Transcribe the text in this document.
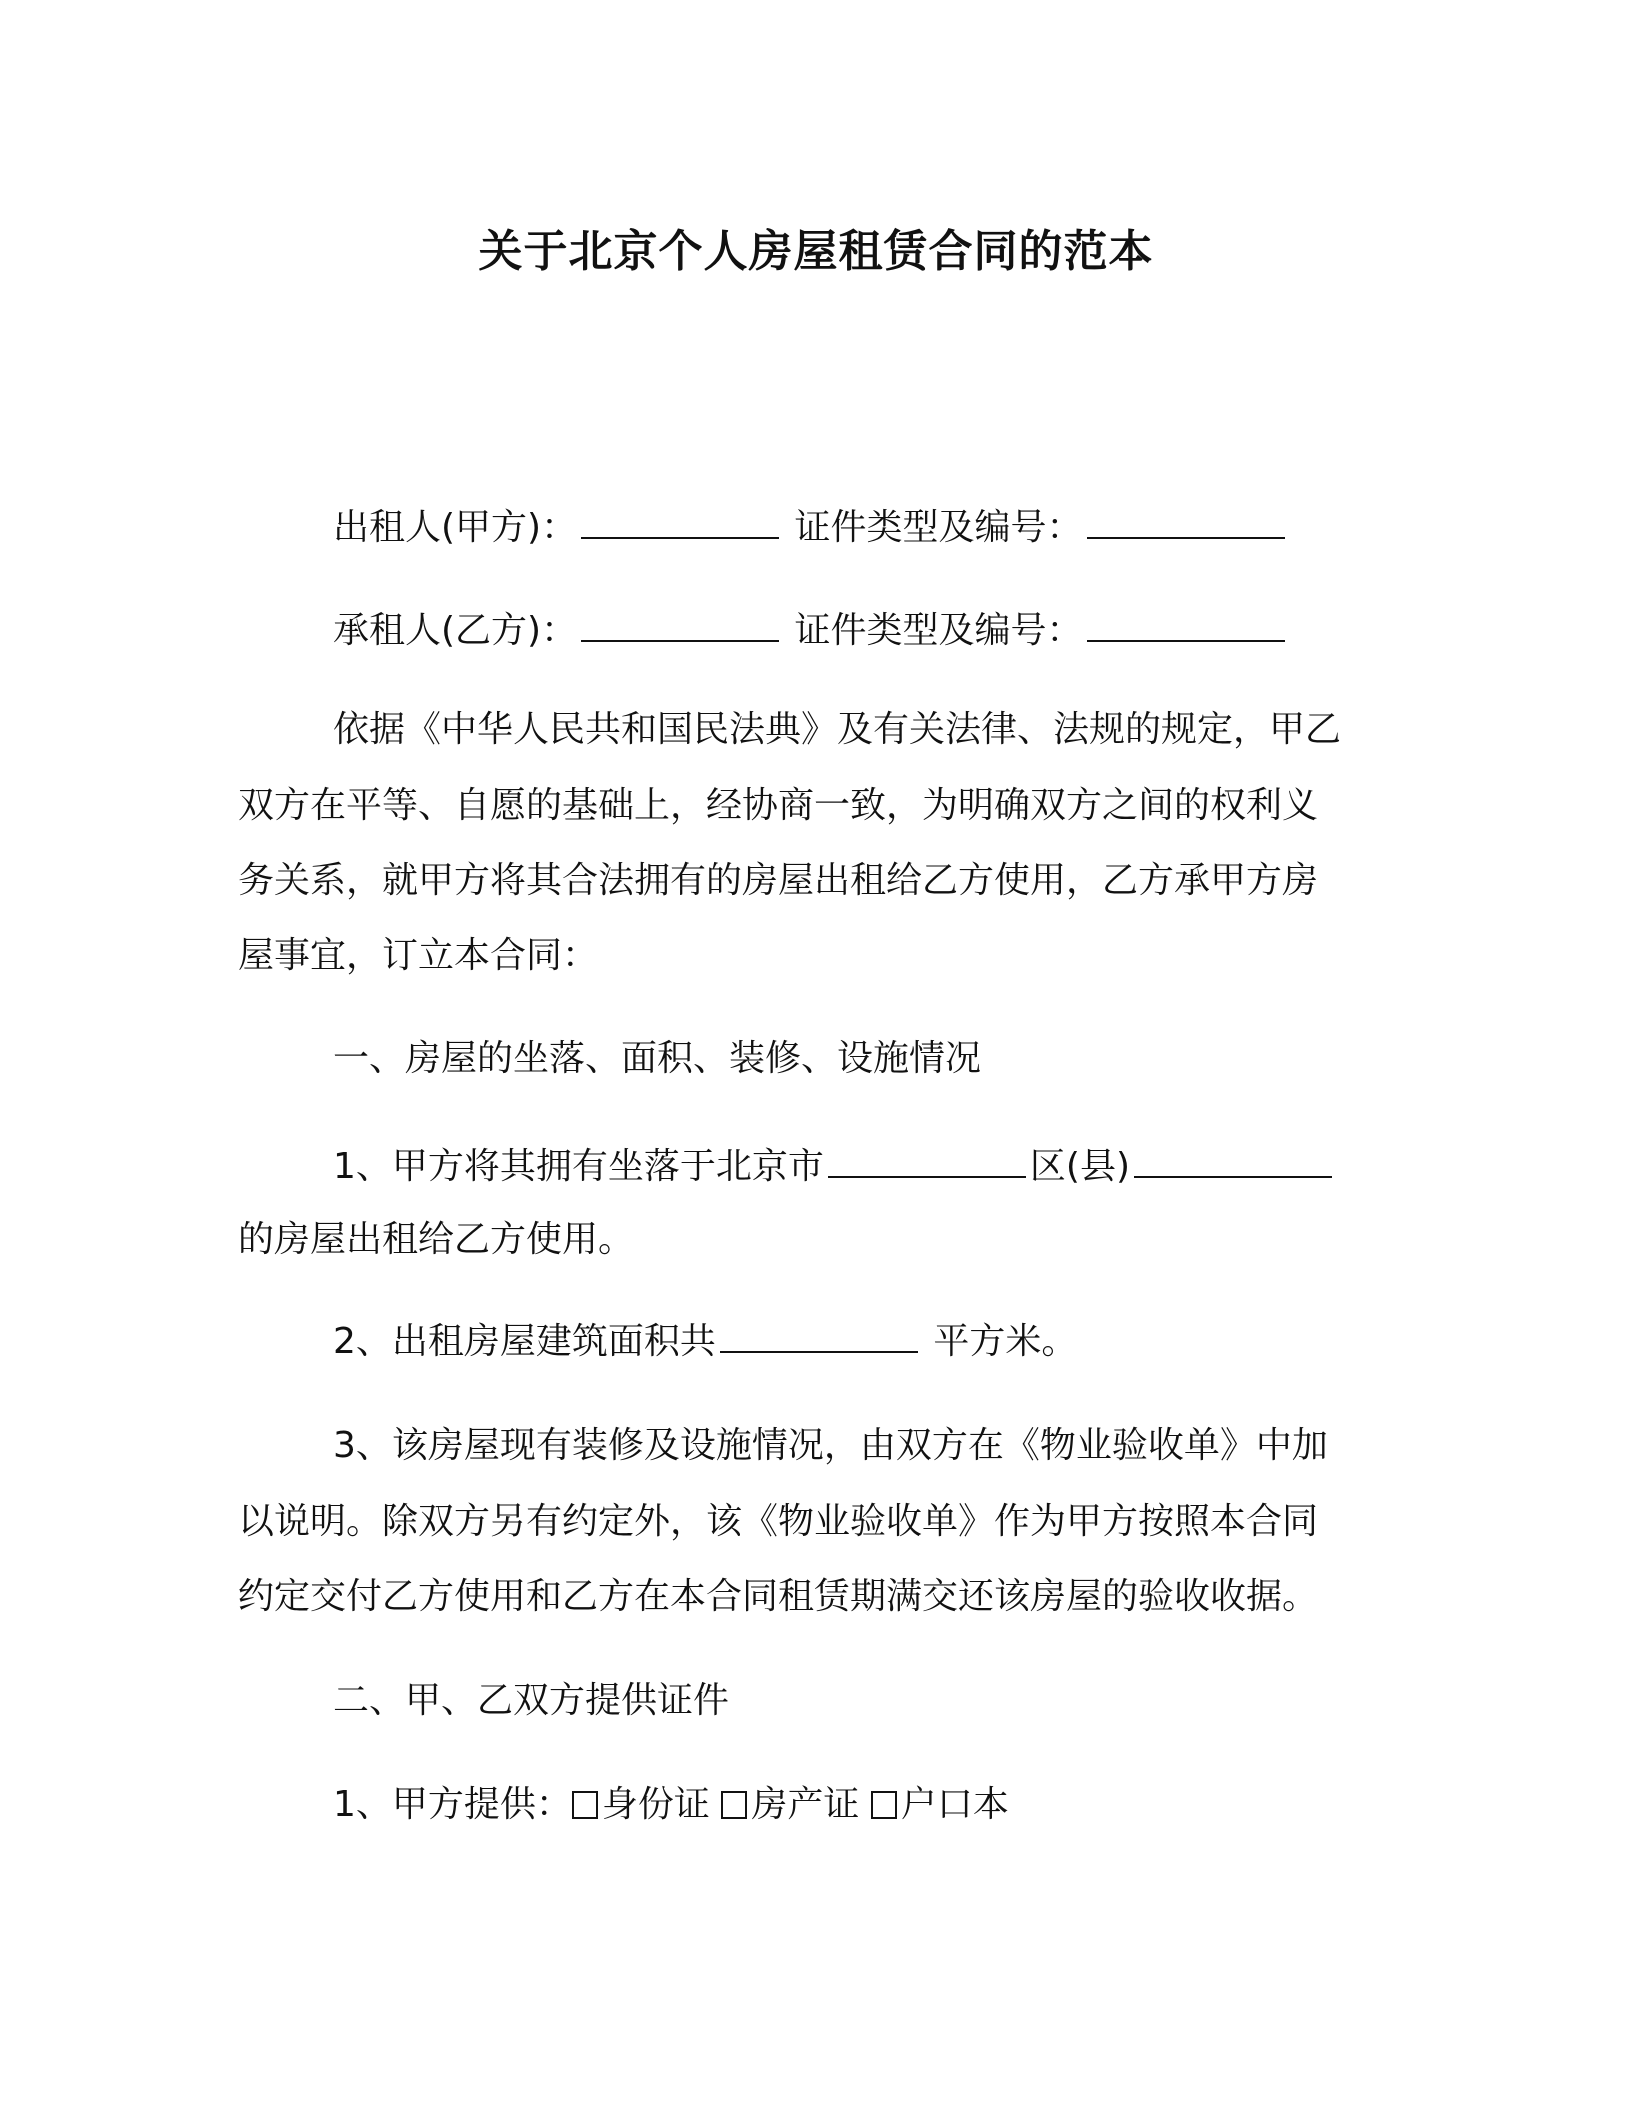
关于北京个人房屋租赁合同的范本
出租人(甲方)：	证件类型及编号：
承租人(乙方)：	证件类型及编号：
依据《中华人民共和国民法典》及有关法律、法规的规定，甲乙
双方在平等、自愿的基础上，经协商一致，为明确双方之间的权利义
务关系，就甲方将其合法拥有的房屋出租给乙方使用，乙方承甲方房
屋事宜，订立本合同：
一、房屋的坐落、面积、装修、设施情况
1、甲方将其拥有坐落于北京市	区(县)
的房屋出租给乙方使用。
2、出租房屋建筑面积共	平方米。
3、该房屋现有装修及设施情况，由双方在《物业验收单》中加
以说明。除双方另有约定外，该《物业验收单》作为甲方按照本合同
约定交付乙方使用和乙方在本合同租赁期满交还该房屋的验收收据。
二、甲、乙双方提供证件
1、甲方提供： 身份证 房产证 户口本
